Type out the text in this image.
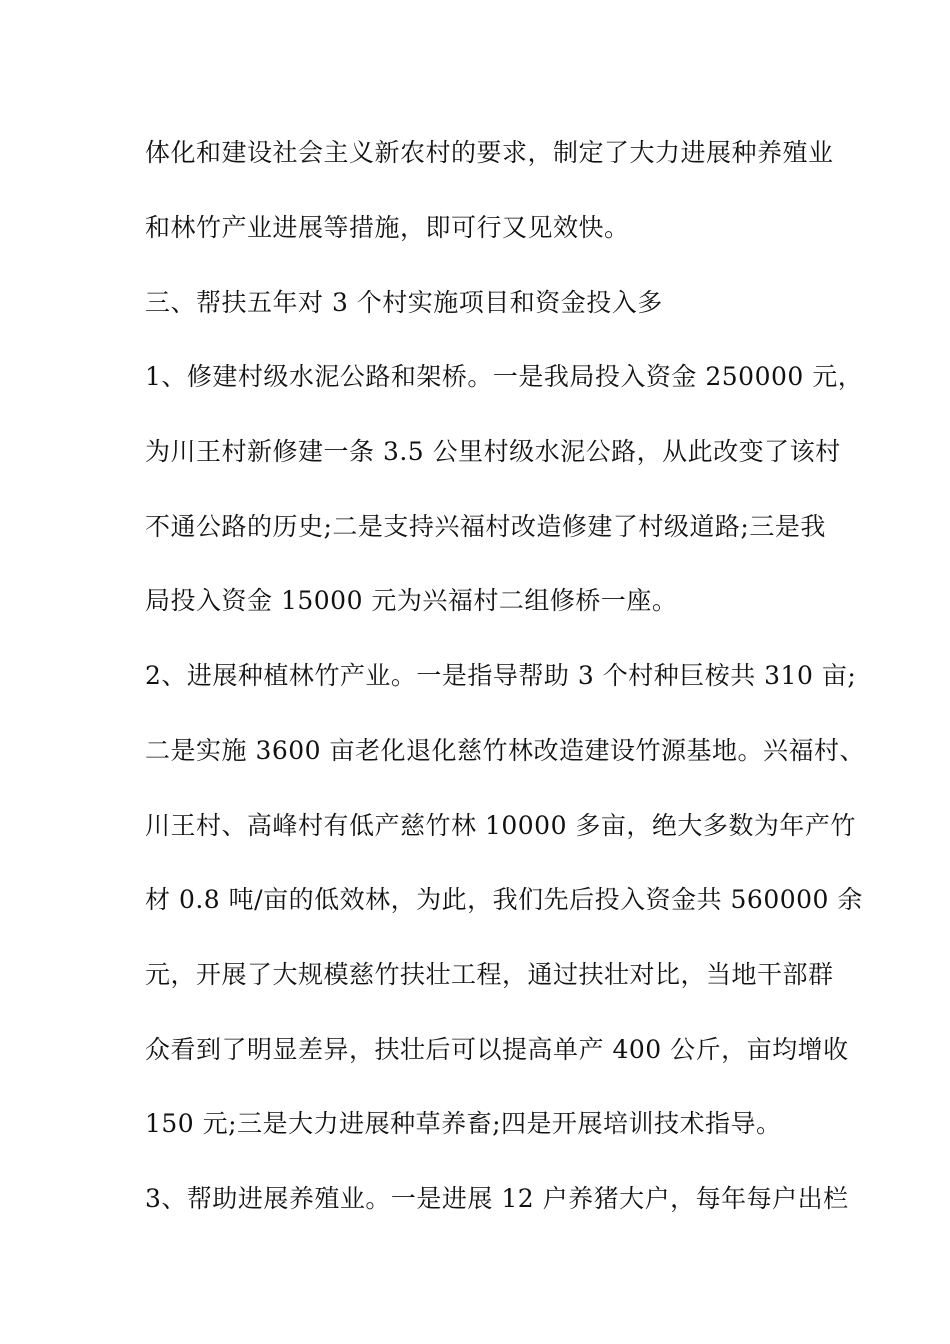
体化和建设社会主义新农村的要求，制定了大力进展种养殖业
和林竹产业进展等措施，即可行又见效快。
三、帮扶五年对 3 个村实施项目和资金投入多
1、修建村级水泥公路和架桥。一是我局投入资金 250000 元，
为川王村新修建一条 3.5 公里村级水泥公路，从此改变了该村
不通公路的历史;二是支持兴福村改造修建了村级道路;三是我
局投入资金 15000 元为兴福村二组修桥一座。
2、进展种植林竹产业。一是指导帮助 3 个村种巨桉共 310 亩;
二是实施 3600 亩老化退化慈竹林改造建设竹源基地。兴福村、
川王村、高峰村有低产慈竹林 10000 多亩，绝大多数为年产竹
材 0.8 吨/亩的低效林，为此，我们先后投入资金共 560000 余
元，开展了大规模慈竹扶壮工程，通过扶壮对比，当地干部群
众看到了明显差异，扶壮后可以提高单产 400 公斤，亩均增收
150 元;三是大力进展种草养畜;四是开展培训技术指导。
3、帮助进展养殖业。一是进展 12 户养猪大户，每年每户出栏
